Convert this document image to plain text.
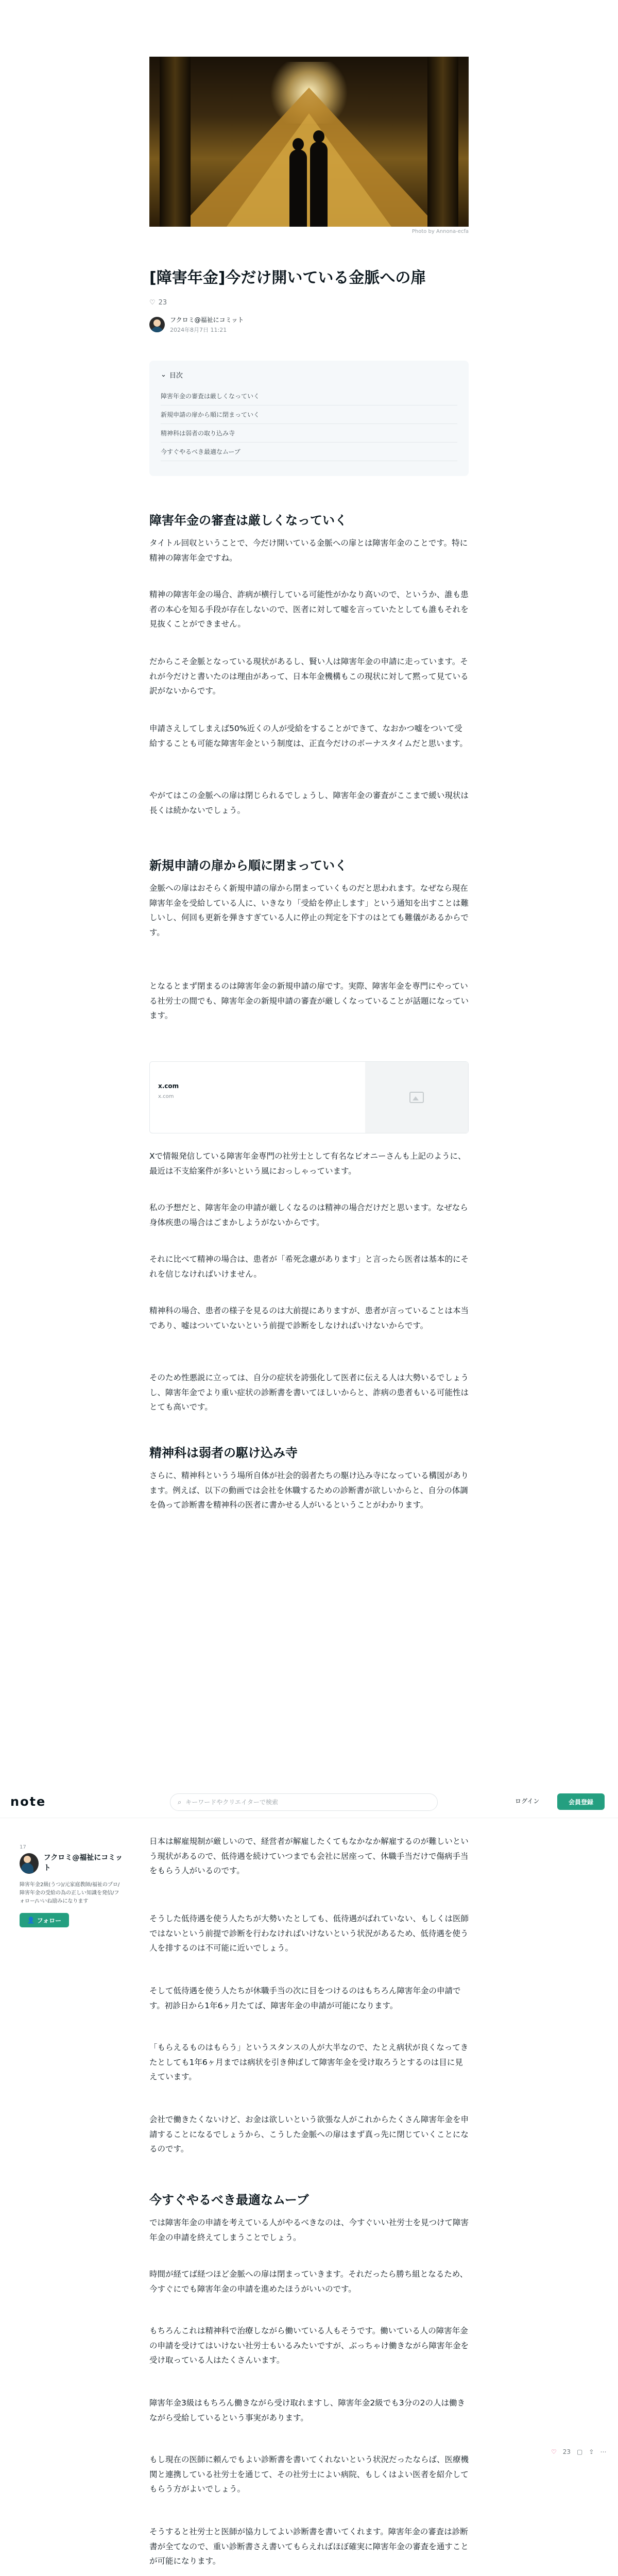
Photo by Annona-ecfa
[障害年金]今だけ開いている金脈への扉
♡ 23
フクロミ@福祉にコミット
2024年8月7日 11:21
⌄ 目次
障害年金の審査は厳しくなっていく
新規申請の扉から順に閉まっていく
精神科は弱者の取り込み寺
今すぐやるべき最適なムーブ
障害年金の審査は厳しくなっていく

タイトル回収ということで、今だけ開いている金脈への扉とは障害年金のことです。特に精神の障害年金ですね。

精神の障害年金の場合、詐病が横行している可能性がかなり高いので、というか、誰も患者の本心を知る手段が存在しないので、医者に対して嘘を言っていたとしても誰もそれを見抜くことができません。

だからこそ金脈となっている現状があるし、賢い人は障害年金の申請に走っています。それが今だけと書いたのは理由があって、日本年金機構もこの現状に対して黙って見ている訳がないからです。

申請さえしてしまえば50%近くの人が受給をすることができて、なおかつ嘘をついて受給することも可能な障害年金という制度は、正直今だけのボーナスタイムだと思います。

やがてはこの金脈への扉は閉じられるでしょうし、障害年金の審査がここまで緩い現状は長くは続かないでしょう。

新規申請の扉から順に閉まっていく

金脈への扉はおそらく新規申請の扉から閉まっていくものだと思われます。なぜなら現在障害年金を受給している人に、いきなり「受給を停止します」という通知を出すことは難しいし、何回も更新を弾きすぎている人に停止の判定を下すのはとても難儀があるからです。

となるとまず閉まるのは障害年金の新規申請の扉です。実際、障害年金を専門にやっている社労士の間でも、障害年金の新規申請の審査が厳しくなっていることが話題になっています。

x.com
x.com

Xで情報発信している障害年金専門の社労士として有名なビオニーさんも上記のように、最近は不支給案件が多いという風におっしゃっています。

私の予想だと、障害年金の申請が厳しくなるのは精神の場合だけだと思います。なぜなら身体疾患の場合はごまかしようがないからです。

それに比べて精神の場合は、患者が「希死念慮があります」と言ったら医者は基本的にそれを信じなければいけません。

精神科の場合、患者の様子を見るのは大前提にありますが、患者が言っていることは本当であり、嘘はついていないという前提で診断をしなければいけないからです。

そのため性悪説に立っては、自分の症状を誇張化して医者に伝える人は大勢いるでしょうし、障害年金でより重い症状の診断書を書いてほしいからと、詐病の患者もいる可能性はとても高いです。

精神科は弱者の駆け込み寺

さらに、精神科というう場所自体が社会的弱者たちの駆け込み寺になっている構図があります。例えば、以下の動画では会社を休職するための診断書が欲しいからと、自分の体調を偽って診断書を精神科の医者に書かせる人がいるということがわかります。

note	⌕
キーワードやクリエイターで検索	ログイン	会員登録
17
フクロミ@福祉にコミット
障害年金2級(うつ)/元家庭教師/福祉のプロ/障害年金の受給の為の正しい知識を発信/フォロー/いいね励みになります
👤 フォロー

日本は解雇規制が厳しいので、経営者が解雇したくてもなかなか解雇するのが難しいという現状があるので、低待遇を続けていつまでも会社に居座って、休職手当だけで傷病手当をもらう人がいるのです。

そうした低待遇を使う人たちが大勢いたとしても、低待遇がばれていない、もしくは医師ではないという前提で診断を行わなければいけないという状況があるため、低待遇を使う人を排するのは不可能に近いでしょう。

そして低待遇を使う人たちが休職手当の次に目をつけるのはもちろん障害年金の申請です。初診日から1年6ヶ月たてば、障害年金の申請が可能になります。

「もらえるものはもらう」というスタンスの人が大半なので、たとえ病状が良くなってきたとしても1年6ヶ月までは病状を引き伸ばして障害年金を受け取ろうとするのは目に見えています。

会社で働きたくないけど、お金は欲しいという欲張な人がこれからたくさん障害年金を申請することになるでしょうから、こうした金脈への扉はまず真っ先に閉じていくことになるのです。

今すぐやるべき最適なムーブ

では障害年金の申請を考えている人がやるべきなのは、今すぐいい社労士を見つけて障害年金の申請を終えてしまうことでしょう。

時間が経てば経つほど金脈への扉は閉まっていきます。それだったら勝ち組となるため、今すぐにでも障害年金の申請を進めたほうがいいのです。

もちろんこれは精神科で治療しながら働いている人もそうです。働いている人の障害年金の申請を受けてはいけない社労士もいるみたいですが、ぶっちゃけ働きながら障害年金を受け取っている人はたくさんいます。

障害年金3級はもちろん働きながら受け取れますし、障害年金2級でも3分の2の人は働きながら受給しているという事実があります。

もし現在の医師に頼んでもよい診断書を書いてくれないという状況だったならば、医療機関と連携している社労士を通じて、その社労士によい病院、もしくはよい医者を紹介してもらう方がよいでしょう。

そうすると社労士と医師が協力してよい診断書を書いてくれます。障害年金の審査は診断書が全てなので、重い診断書さえ書いてもらえればほぼ確実に障害年金の審査を通すことが可能になります。

♡ 23 ▢ ⇪ ⋯
